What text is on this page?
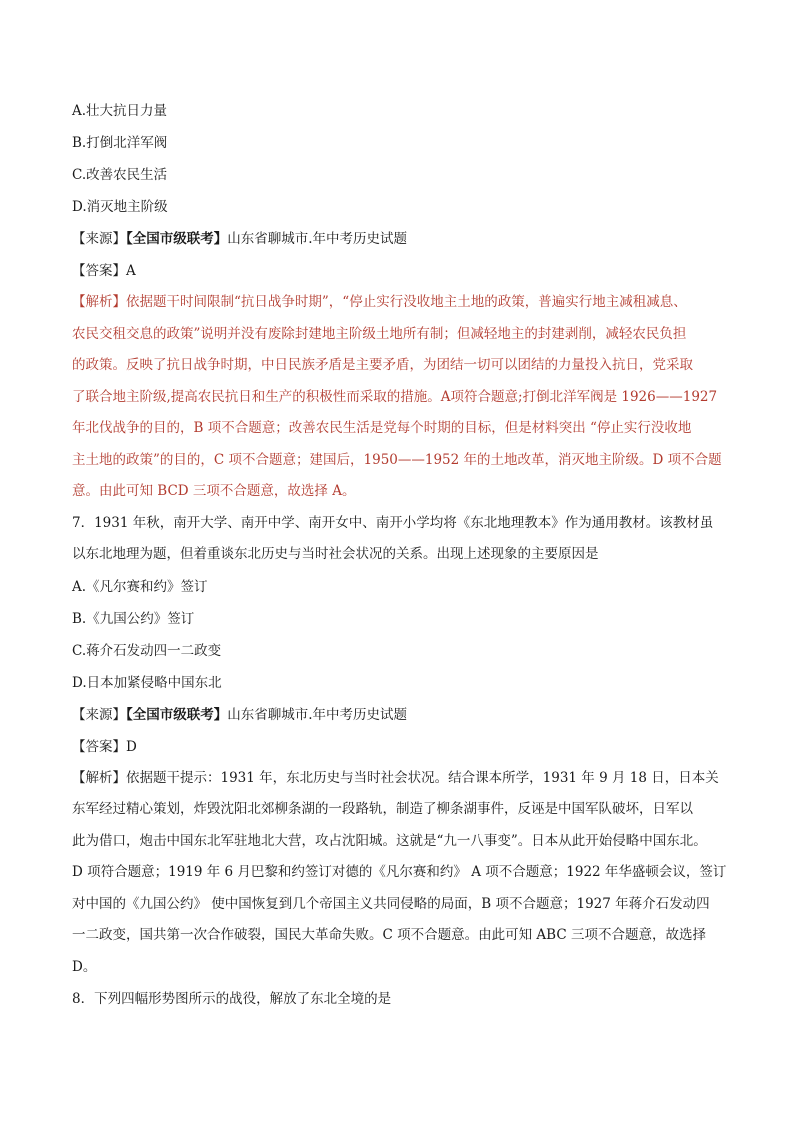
A.壮大抗日力量
B.打倒北洋军阀
C.改善农民生活
D.消灭地主阶级
【来源】【全国市级联考】山东省聊城市.年中考历史试题
【答案】A
【解析】依据题干时间限制“抗日战争时期”，“停止实行没收地主土地的政策，普遍实行地主减租减息、
农民交租交息的政策”说明并没有废除封建地主阶级土地所有制；但减轻地主的封建剥削，减轻农民负担
的政策。反映了抗日战争时期，中日民族矛盾是主要矛盾，为团结一切可以团结的力量投入抗日，党采取
了联合地主阶级,提高农民抗日和生产的积极性而采取的措施。A项符合题意;打倒北洋军阀是 1926——1927
年北伐战争的目的，B 项不合题意；改善农民生活是党每个时期的目标，但是材料突出 “停止实行没收地
主土地的政策”的目的，C 项不合题意；建国后，1950——1952 年的土地改革，消灭地主阶级。D 项不合题
意。由此可知 BCD 三项不合题意，故选择 A。
7．1931 年秋，南开大学、南开中学、南开女中、南开小学均将《东北地理教本》作为通用教材。该教材虽
以东北地理为题，但着重谈东北历史与当时社会状况的关系。出现上述现象的主要原因是
A.《凡尔赛和约》签订
B.《九国公约》签订
C.蒋介石发动四一二政变
D.日本加紧侵略中国东北
【来源】【全国市级联考】山东省聊城市.年中考历史试题
【答案】D
【解析】依据题干提示：1931 年，东北历史与当时社会状况。结合课本所学，1931 年 9 月 18 日，日本关
东军经过精心策划，炸毁沈阳北郊柳条湖的一段路轨，制造了柳条湖事件，反诬是中国军队破坏，日军以
此为借口，炮击中国东北军驻地北大营，攻占沈阳城。这就是“九一八事变”。日本从此开始侵略中国东北。
D 项符合题意；1919 年 6 月巴黎和约签订对德的《凡尔赛和约》 A 项不合题意；1922 年华盛顿会议，签订
对中国的《九国公约》 使中国恢复到几个帝国主义共同侵略的局面，B 项不合题意；1927 年蒋介石发动四
一二政变，国共第一次合作破裂，国民大革命失败。C 项不合题意。由此可知 ABC 三项不合题意，故选择
D。
8．下列四幅形势图所示的战役，解放了东北全境的是
